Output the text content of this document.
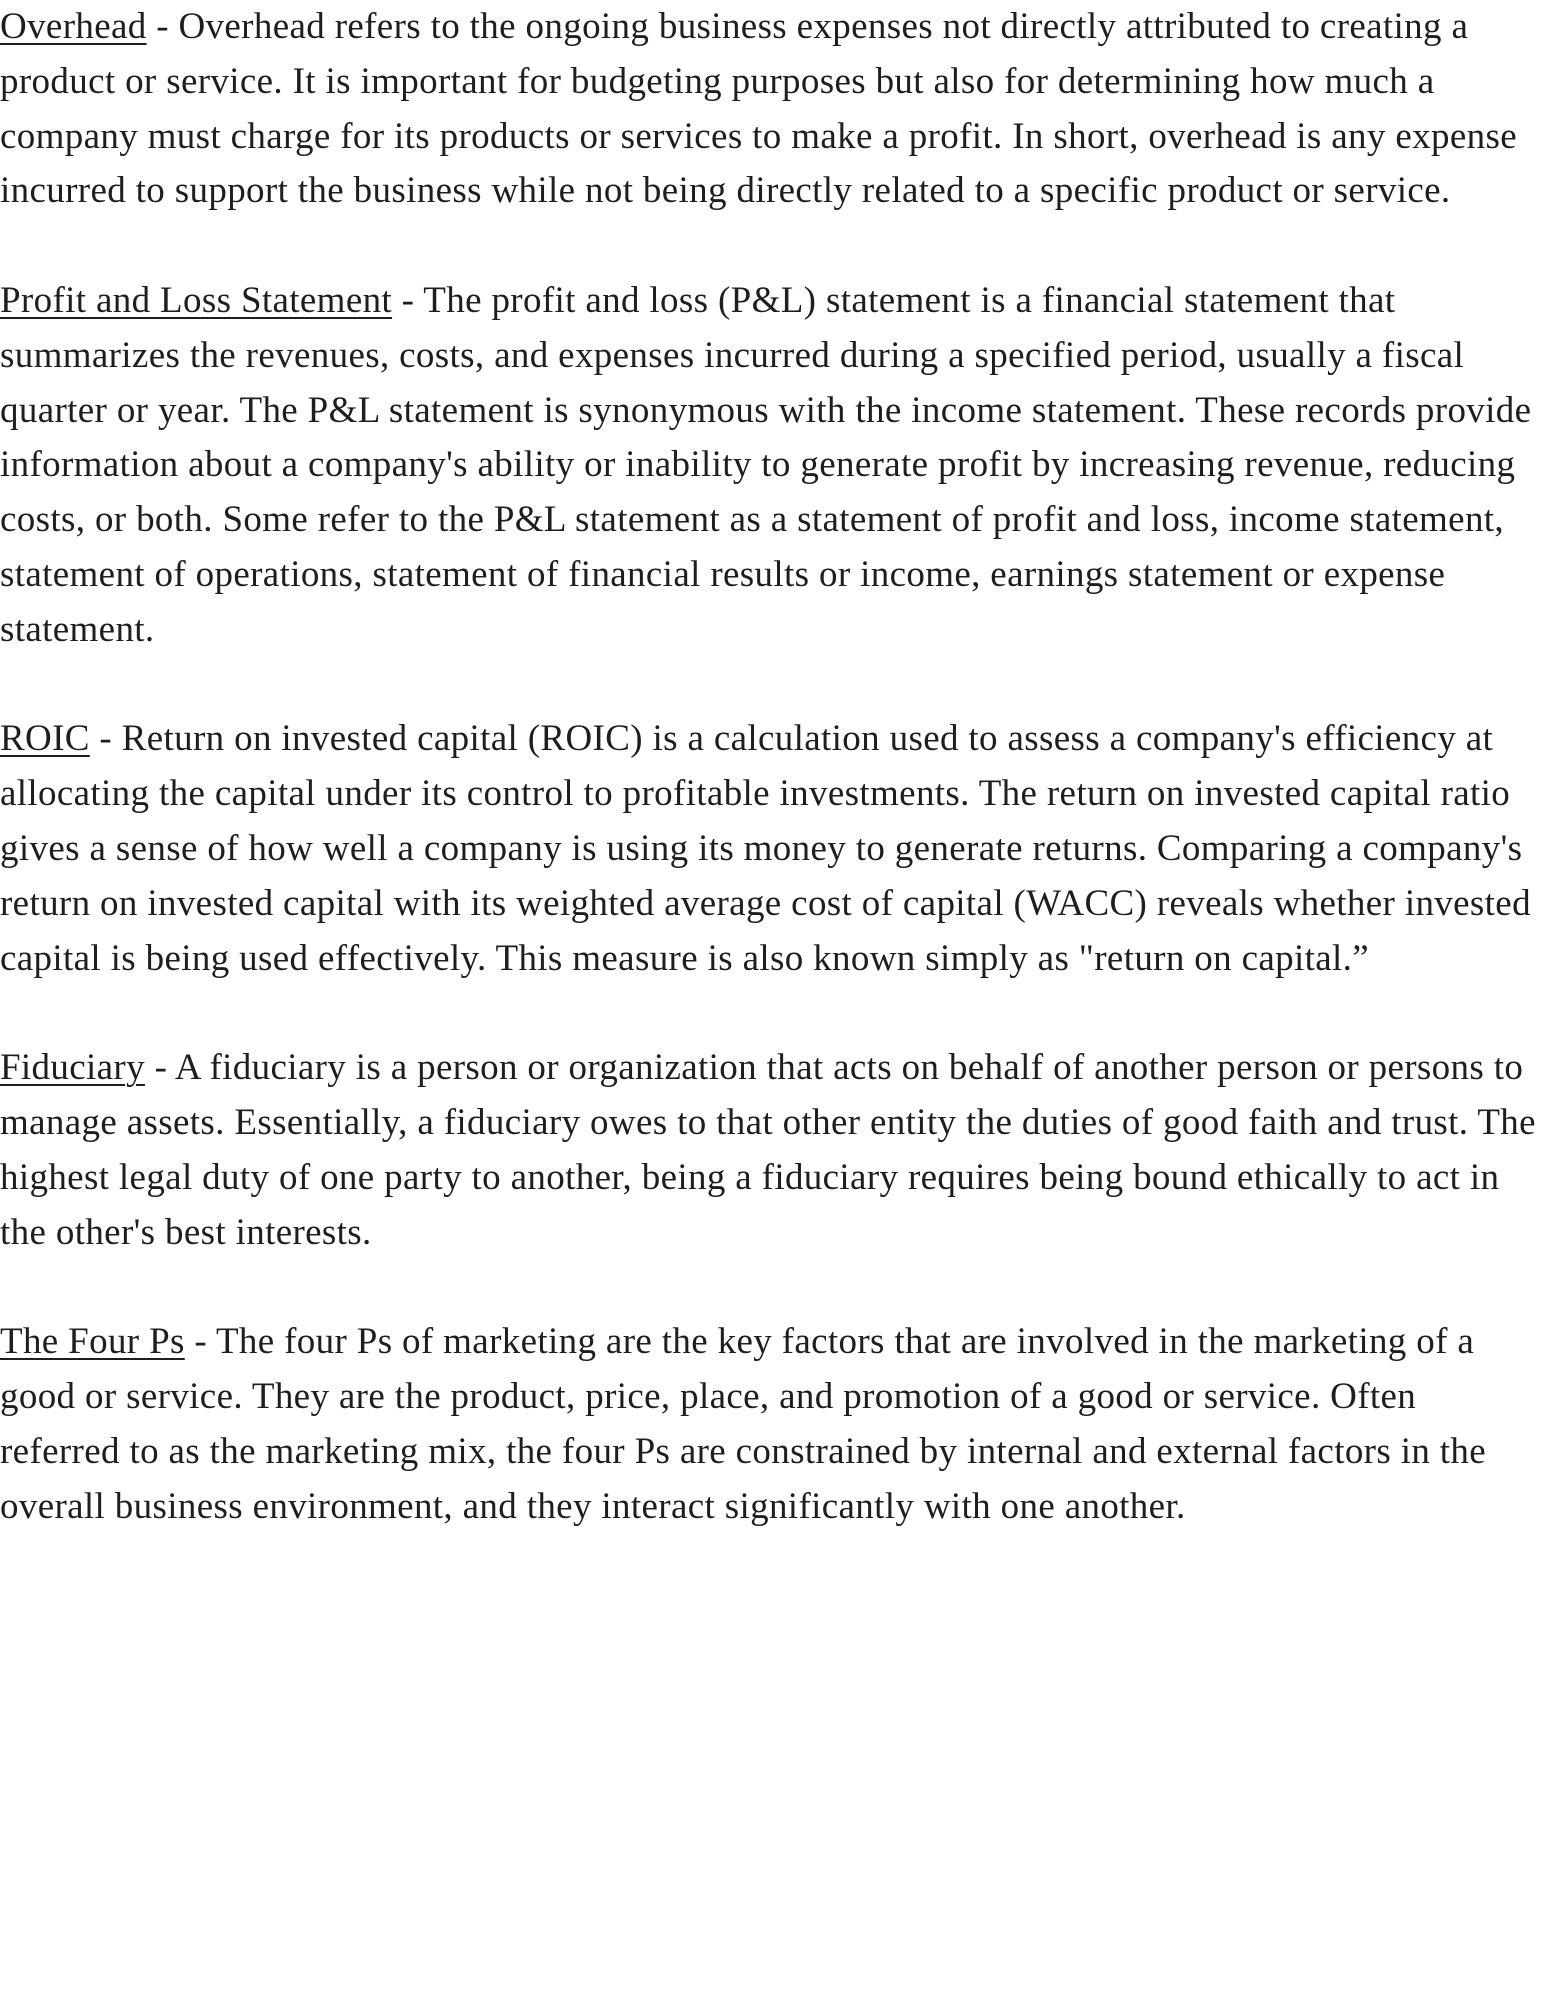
Overhead - Overhead refers to the ongoing business expenses not directly attributed to creating a product or service. It is important for budgeting purposes but also for determining how much a company must charge for its products or services to make a profit. In short, overhead is any expense incurred to support the business while not being directly related to a specific product or service.

Profit and Loss Statement - The profit and loss (P&L) statement is a financial statement that summarizes the revenues, costs, and expenses incurred during a specified period, usually a fiscal quarter or year. The P&L statement is synonymous with the income statement. These records provide information about a company's ability or inability to generate profit by increasing revenue, reducing costs, or both. Some refer to the P&L statement as a statement of profit and loss, income statement, statement of operations, statement of financial results or income, earnings statement or expense statement.

ROIC - Return on invested capital (ROIC) is a calculation used to assess a company's efficiency at allocating the capital under its control to profitable investments. The return on invested capital ratio gives a sense of how well a company is using its money to generate returns. Comparing a company's return on invested capital with its weighted average cost of capital (WACC) reveals whether invested capital is being used effectively. This measure is also known simply as "return on capital.”

Fiduciary - A fiduciary is a person or organization that acts on behalf of another person or persons to manage assets. Essentially, a fiduciary owes to that other entity the duties of good faith and trust. The highest legal duty of one party to another, being a fiduciary requires being bound ethically to act in the other's best interests.

The Four Ps - The four Ps of marketing are the key factors that are involved in the marketing of a good or service. They are the product, price, place, and promotion of a good or service. Often referred to as the marketing mix, the four Ps are constrained by internal and external factors in the overall business environment, and they interact significantly with one another.
